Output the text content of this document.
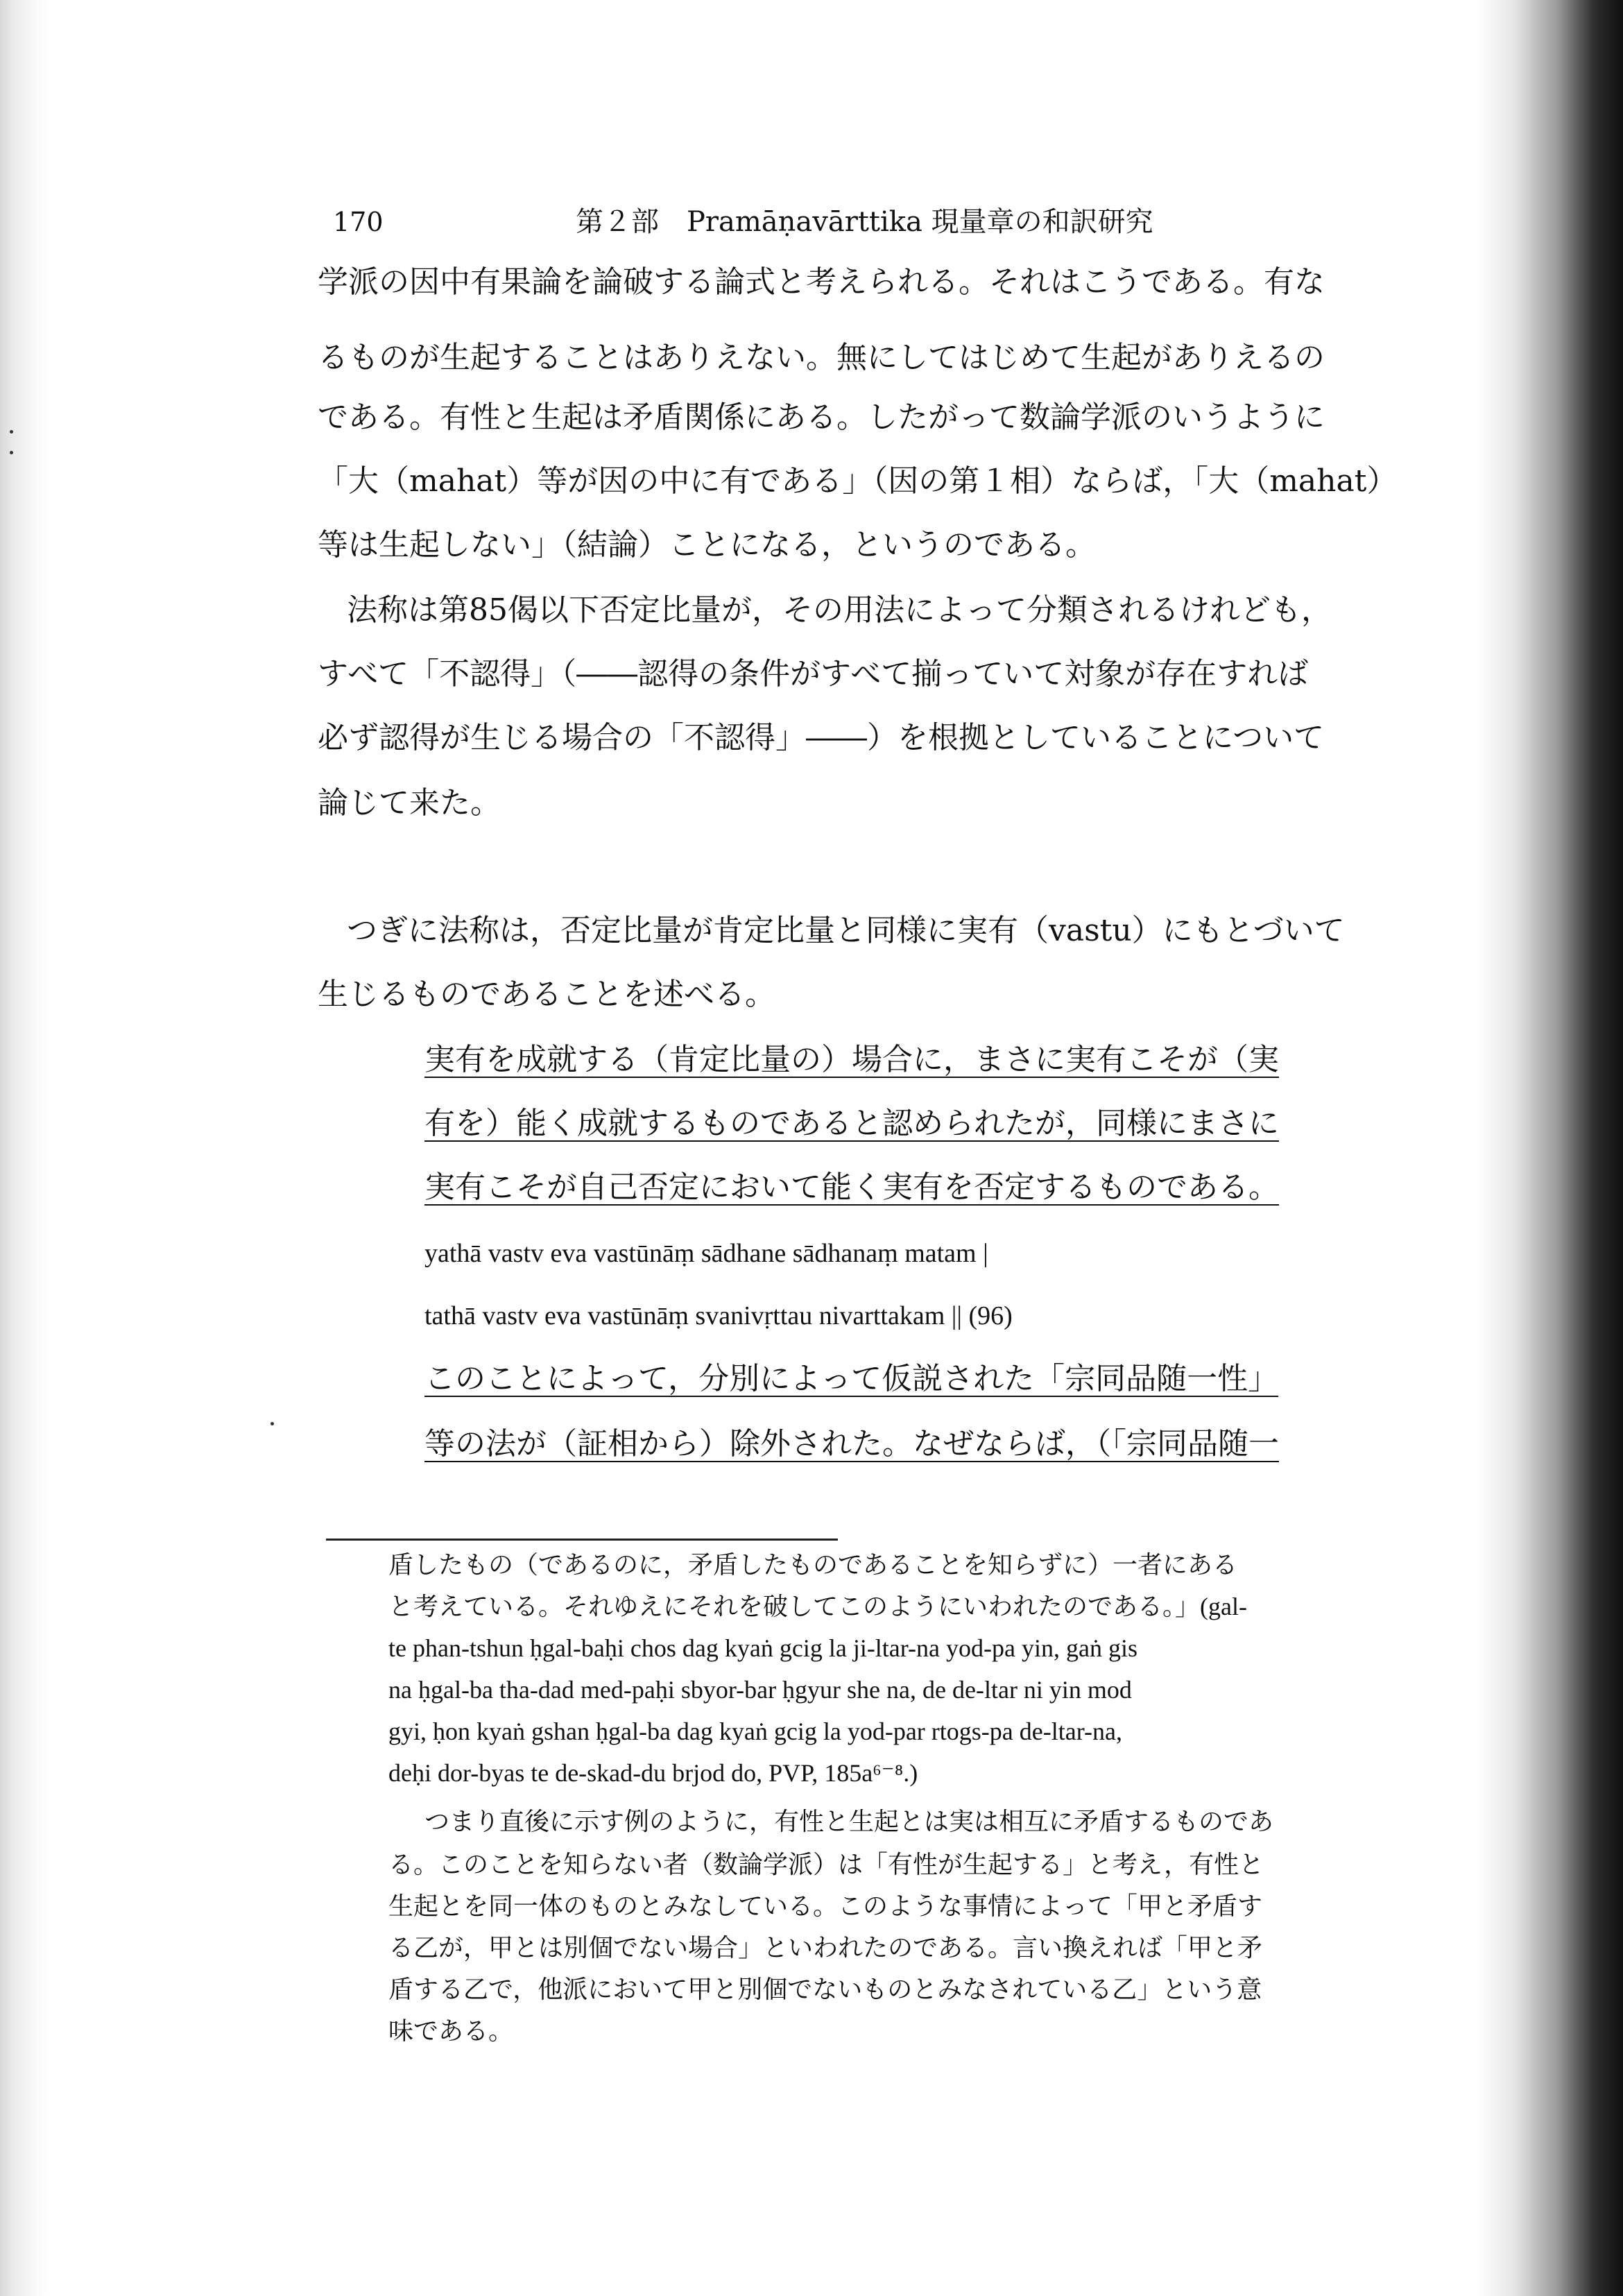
170	第２部　Pramāṇavārttika 現量章の和訳研究
学派の因中有果論を論破する論式と考えられる。それはこうである。有な
るものが生起することはありえない。無にしてはじめて生起がありえるの
である。有性と生起は矛盾関係にある。したがって数論学派のいうように
「大（mahat）等が因の中に有である」（因の第１相）ならば，「大（mahat）
等は生起しない」（結論）ことになる，というのである。
法称は第85偈以下否定比量が，その用法によって分類されるけれども，
すべて「不認得」（――認得の条件がすべて揃っていて対象が存在すれば
必ず認得が生じる場合の「不認得」――）を根拠としていることについて
論じて来た。
つぎに法称は，否定比量が肯定比量と同様に実有（vastu）にもとづいて
生じるものであることを述べる。
実有を成就する（肯定比量の）場合に，まさに実有こそが（実
有を）能く成就するものであると認められたが，同様にまさに
実有こそが自己否定において能く実有を否定するものである。
yathā vastv eva vastūnāṃ sādhane sādhanaṃ matam |
tathā vastv eva vastūnāṃ svanivṛttau nivarttakam || (96)
このことによって，分別によって仮説された「宗同品随一性」
等の法が（証相から）除外された。なぜならば，（「宗同品随一
盾したもの（であるのに，矛盾したものであることを知らずに）一者にある
と考えている。それゆえにそれを破してこのようにいわれたのである。」(gal-
te phan-tshun ḥgal-baḥi chos dag kyaṅ gcig la ji-ltar-na yod-pa yin, gaṅ gis
na ḥgal-ba tha-dad med-paḥi sbyor-bar ḥgyur she na, de de-ltar ni yin mod
gyi, ḥon kyaṅ gshan ḥgal-ba dag kyaṅ gcig la yod-par rtogs-pa de-ltar-na,
deḥi dor-byas te de-skad-du brjod do, PVP, 185a⁶⁻⁸.)
つまり直後に示す例のように，有性と生起とは実は相互に矛盾するものであ
る。このことを知らない者（数論学派）は「有性が生起する」と考え，有性と
生起とを同一体のものとみなしている。このような事情によって「甲と矛盾す
る乙が，甲とは別個でない場合」といわれたのである。言い換えれば「甲と矛
盾する乙で，他派において甲と別個でないものとみなされている乙」という意
味である。
